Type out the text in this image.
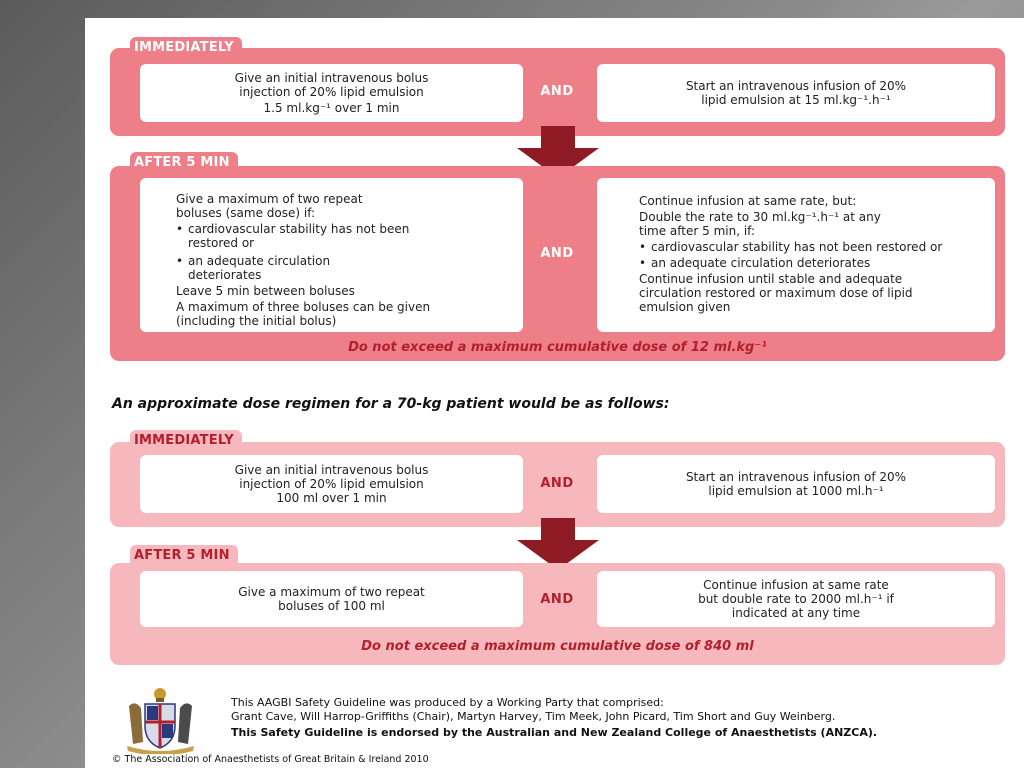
Give an initial intravenous bolus
injection of 20% lipid emulsion
1.5 ml.kg⁻¹ over 1 min
AND	Start an intravenous infusion of 20%
lipid emulsion at 15 ml.kg⁻¹.h⁻¹
IMMEDIATELY
Give a maximum of two repeat boluses (same dose) if:
• cardiovascular stability has not been restored or
• an adequate circulation deteriorates
Leave 5 min between boluses
A maximum of three boluses can be given (including the initial bolus)
AND
Continue infusion at same rate, but:
Double the rate to 30 ml.kg⁻¹.h⁻¹ at any time after 5 min, if:
• cardiovascular stability has not been restored or
• an adequate circulation deteriorates
Continue infusion until stable and adequate circulation restored or maximum dose of lipid emulsion given
Do not exceed a maximum cumulative dose of 12 ml.kg⁻¹
AFTER 5 MIN
An approximate dose regimen for a 70-kg patient would be as follows:
Give an initial intravenous bolus
injection of 20% lipid emulsion
100 ml over 1 min
AND	Start an intravenous infusion of 20%
lipid emulsion at 1000 ml.h⁻¹
IMMEDIATELY
Give a maximum of two repeat
boluses of 100 ml	AND
Continue infusion at same rate
but double rate to 2000 ml.h⁻¹ if
indicated at any time
Do not exceed a maximum cumulative dose of 840 ml
AFTER 5 MIN
This AAGBI Safety Guideline was produced by a Working Party that comprised:
Grant Cave, Will Harrop-Griffiths (Chair), Martyn Harvey, Tim Meek, John Picard, Tim Short and Guy Weinberg.
This Safety Guideline is endorsed by the Australian and New Zealand College of Anaesthetists (ANZCA).
© The Association of Anaesthetists of Great Britain & Ireland 2010
